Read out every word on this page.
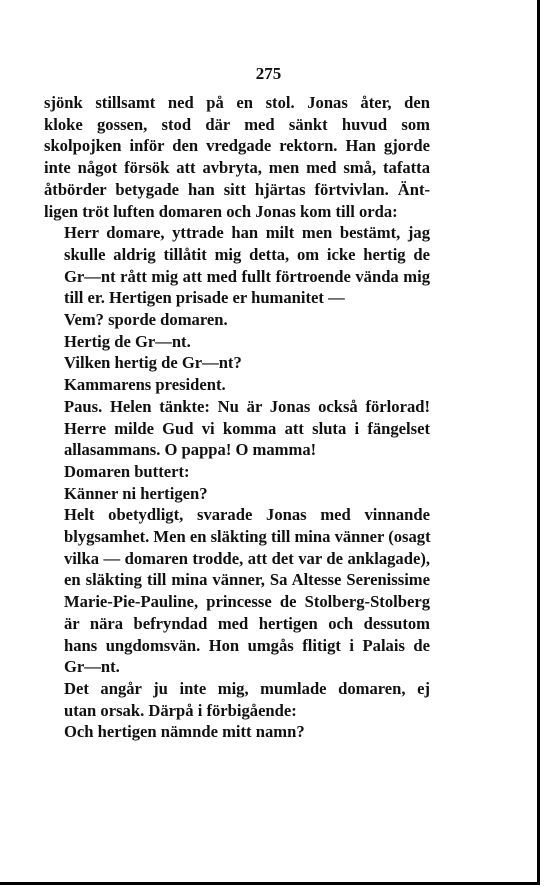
275
sjönk stillsamt ned på en stol. Jonas åter, den
kloke gossen, stod där med sänkt huvud som
skolpojken inför den vredgade rektorn. Han gjorde
inte något försök att avbryta, men med små, tafatta
åtbörder betygade han sitt hjärtas förtvivlan. Änt-
ligen tröt luften domaren och Jonas kom till orda:
Herr domare, yttrade han milt men bestämt, jag
skulle aldrig tillåtit mig detta, om icke hertig de
Gr—nt rått mig att med fullt förtroende vända mig
till er. Hertigen prisade er humanitet —
Vem? sporde domaren.
Hertig de Gr—nt.
Vilken hertig de Gr—nt?
Kammarens president.
Paus. Helen tänkte: Nu är Jonas också förlorad!
Herre milde Gud vi komma att sluta i fängelset
allasammans. O pappa! O mamma!
Domaren buttert:
Känner ni hertigen?
Helt obetydligt, svarade Jonas med vinnande
blygsamhet. Men en släkting till mina vänner (osagt
vilka — domaren trodde, att det var de anklagade),
en släkting till mina vänner, Sa Altesse Serenissime
Marie-Pie-Pauline, princesse de Stolberg-Stolberg
är nära befryndad med hertigen och dessutom
hans ungdomsvän. Hon umgås flitigt i Palais de
Gr—nt.
Det angår ju inte mig, mumlade domaren, ej
utan orsak. Därpå i förbigående:
Och hertigen nämnde mitt namn?
